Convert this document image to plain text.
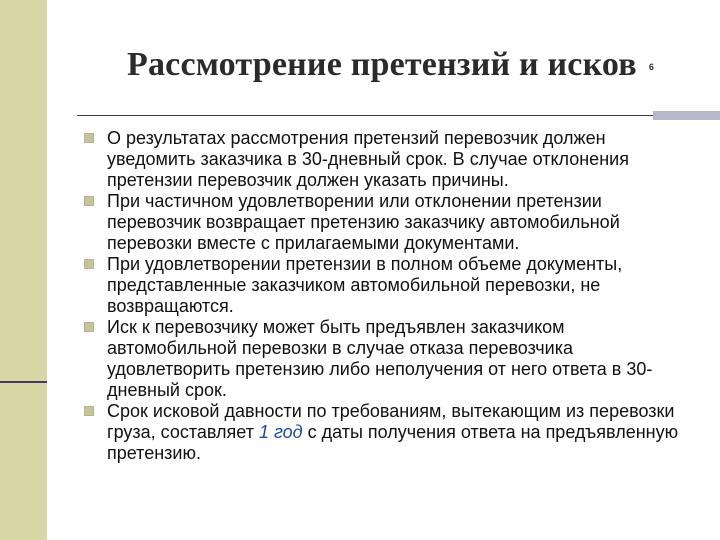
Рассмотрение претензий и исков 6
О результатах рассмотрения претензий перевозчик должен уведомить заказчика в 30-дневный срок. В случае отклонения претензии перевозчик должен указать причины.
При частичном удовлетворении или отклонении претензии перевозчик возвращает претензию заказчику автомобильной перевозки вместе с прилагаемыми документами.
При удовлетворении претензии в полном объеме документы, представленные заказчиком автомобильной перевозки, не возвращаются.
Иск к перевозчику может быть предъявлен заказчиком автомобильной перевозки в случае отказа перевозчика удовлетворить претензию либо неполучения от него ответа в 30-дневный срок.
Срок исковой давности по требованиям, вытекающим из перевозки груза, составляет 1 год с даты получения ответа на предъявленную претензию.
